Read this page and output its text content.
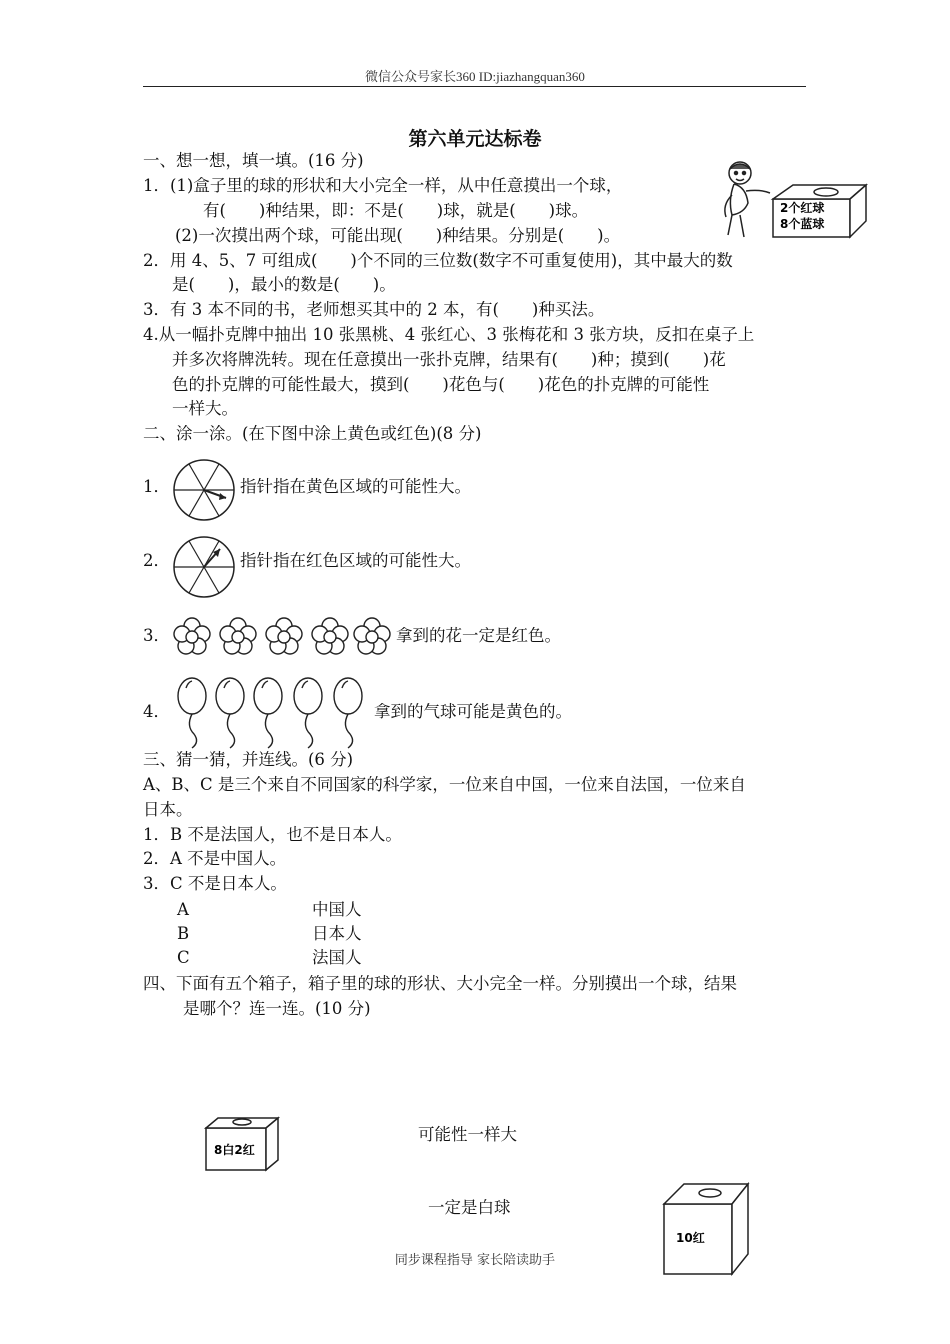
微信公众号家长360 ID:jiazhangquan360
第六单元达标卷
一、想一想，填一填。(16 分)
1．(1)盒子里的球的形状和大小完全一样，从中任意摸出一个球，
有(　　)种结果，即：不是(　　)球，就是(　　)球。
(2)一次摸出两个球，可能出现(　　)种结果。分别是(　　)。
2．用 4、5、7 可组成(　　)个不同的三位数(数字不可重复使用)，其中最大的数
是(　　)，最小的数是(　　)。
3．有 3 本不同的书，老师想买其中的 2 本，有(　　)种买法。
4.从一幅扑克牌中抽出 10 张黑桃、4 张红心、3 张梅花和 3 张方块，反扣在桌子上
并多次将牌洗转。现在任意摸出一张扑克牌，结果有(　　)种；摸到(　　)花
色的扑克牌的可能性最大，摸到(　　)花色与(　　)花色的扑克牌的可能性
一样大。
2个红球
8个蓝球
二、涂一涂。(在下图中涂上黄色或红色)(8 分)
1．	指针指在黄色区域的可能性大。
2．	指针指在红色区域的可能性大。
3．	拿到的花一定是红色。
4．	拿到的气球可能是黄色的。
三、猜一猜，并连线。(6 分)
A、B、C 是三个来自不同国家的科学家，一位来自中国，一位来自法国，一位来自
日本。
1．B 不是法国人，也不是日本人。
2．A 不是中国人。
3．C 不是日本人。
A
B
C
中国人
日本人
法国人
四、下面有五个箱子，箱子里的球的形状、大小完全一样。分别摸出一个球，结果
是哪个？连一连。(10 分)
8白2红
可能性一样大
一定是白球
10红
同步课程指导 家长陪读助手
